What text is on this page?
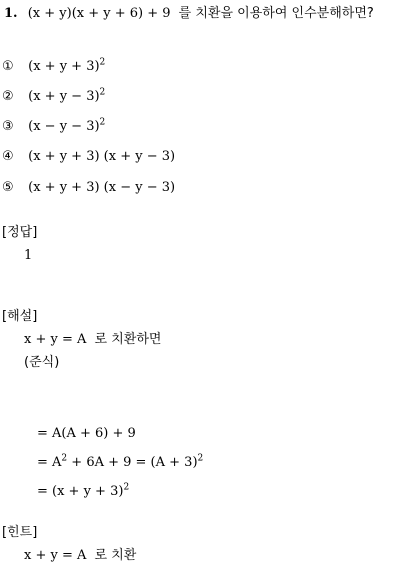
1. (x + y)(x + y + 6) + 9 를 치환을 이용하여 인수분해하면?
① $(x + y + 3)^2$
② $(x + y - 3)^2$
③ $(x - y - 3)^2$
④ (x + y + 3) (x + y − 3)
⑤ (x + y + 3) (x − y − 3)
[정답]
1
[해설]
x + y = A 로 치환하면
(준식)
= A(A + 6) + 9
= $A^2 + 6A + 9 = (A + 3)^2$
= $(x + y + 3)^2$
[힌트]
x + y = A 로 치환
